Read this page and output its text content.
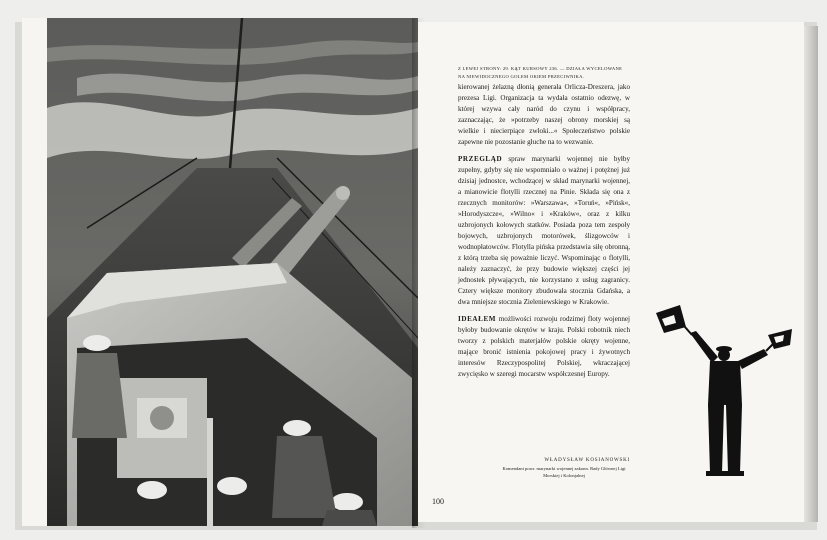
Z LEWEJ STRONY: 29. KĄT KURSOWY 236. — DZIAŁA WYCELOWANE NA NIEWIDOCZNEGO GOLEM OKIEM PRZECIWNIKA.

kierowanej żelazną dłonią generała Orlicza-Dreszera, jako prezesa Ligi. Organizacja ta wydała ostatnio odezwę, w której wzywa cały naród do czynu i współpracy, zaznaczając, że »potrzeby naszej obrony morskiej są wielkie i niecierpiące zwłoki...« Społeczeństwo polskie zapewne nie pozostanie głuche na to wezwanie.

PRZEGLĄD spraw marynarki wojennej nie byłby zupełny, gdyby się nie wspomniało o ważnej i potężnej już dzisiaj jednostce, wchodzącej w skład marynarki wojennej, a mianowicie flotylli rzecznej na Pinie. Składa się ona z rzecznych monitorów: »Warszawa«, »Toruń«, »Pińsk«, »Horodyszcze«, »Wilno« i »Kraków«, oraz z kilku uzbrojonych kołowych statków. Posiada poza tem zespoły bojowych, uzbrojonych motorówek, ślizgowców i wodnopłatowców. Flotylla pińska przedstawia siłę obronną, z którą trzeba się poważnie liczyć. Wspominając o flotylli, należy zaznaczyć, że przy budowie większej części jej jednostek pływających, nie korzystano z usług zagranicy. Cztery większe monitory zbudowała stocznia Gdańska, a dwa mniejsze stocznia Zieleniewskiego w Krakowie.

IDEAŁEM możliwości rozwoju rodzimej floty wojennej byłoby budowanie okrętów w kraju. Polski robotnik niech tworzy z polskich materjałów polskie okręty wojenne, mające bronić istnienia pokojowej pracy i żywotnych interesów Rzeczypospolitej Polskiej, wkraczającej zwycięsko w szeregi mocarstw współczesnej Europy.

WŁADYSŁAW KOSIANOWSKI
Komendant powr. marynarki wojennej zakonn. Rady Głównej Ligi Morskiej i Kolonjalnej
100
